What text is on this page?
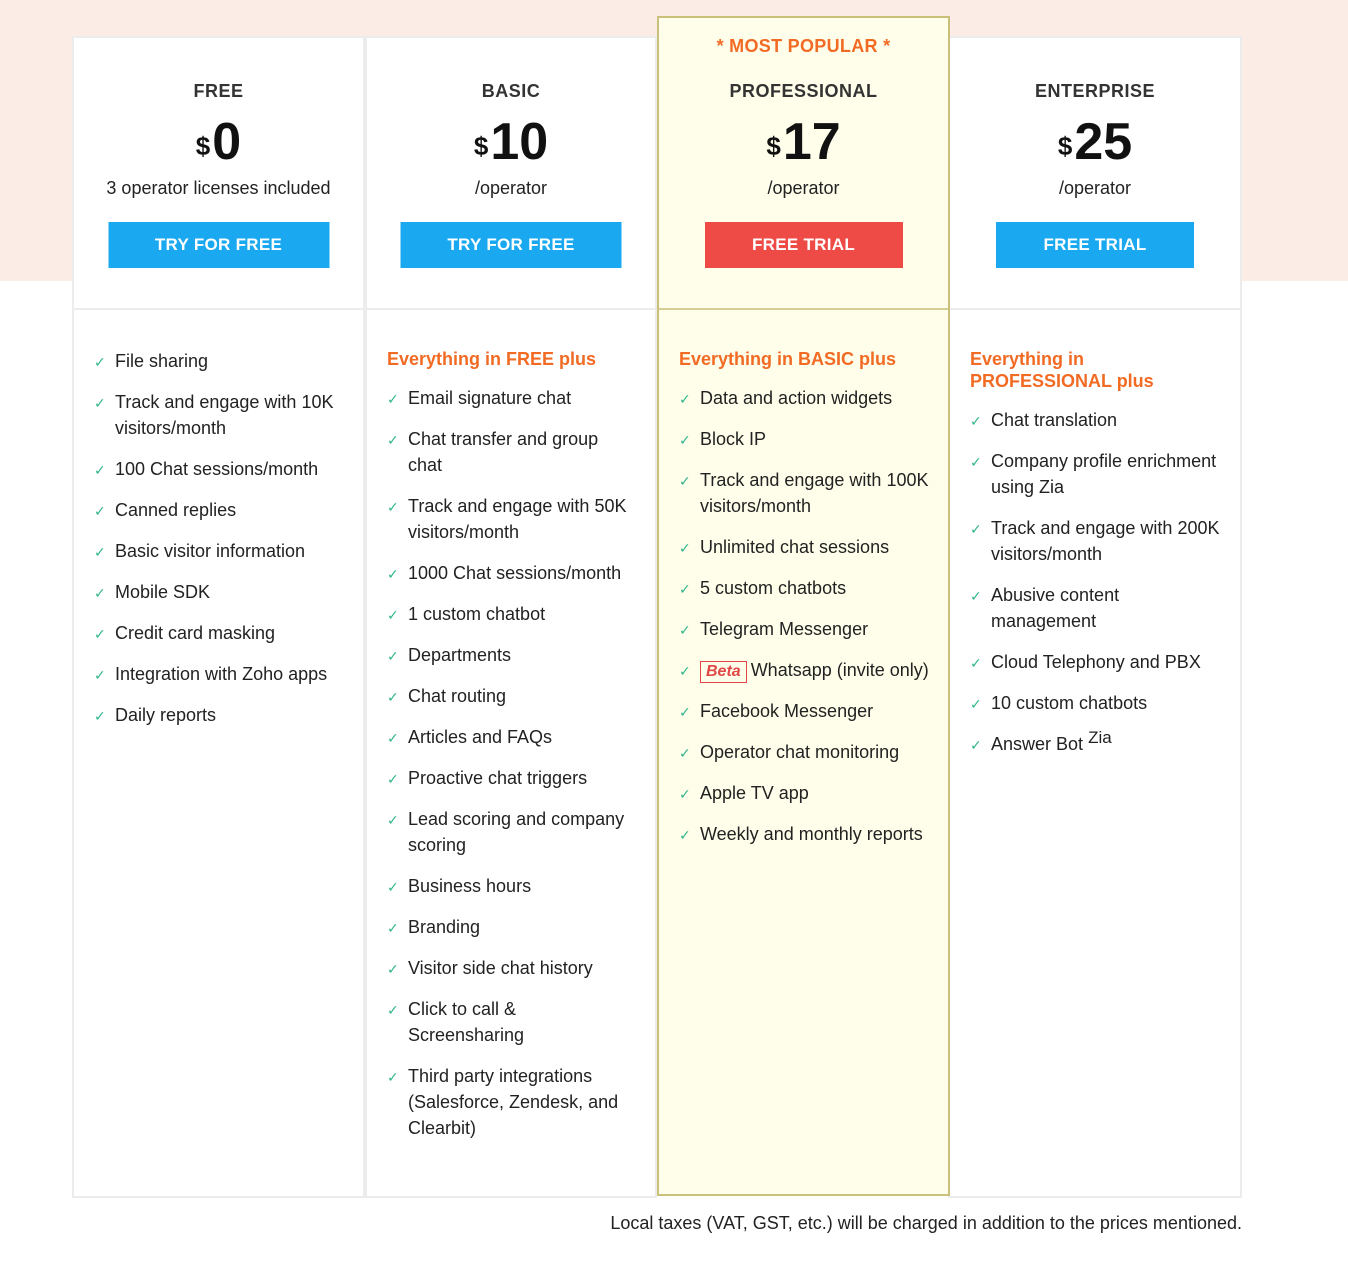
FREE
$0
3 operator licenses included
TRY FOR FREE
✓ File sharing
✓ Track and engage with 10K visitors/month
✓ 100 Chat sessions/month
✓ Canned replies
✓ Basic visitor information
✓ Mobile SDK
✓ Credit card masking
✓ Integration with Zoho apps
✓ Daily reports
BASIC
$10
/operator
TRY FOR FREE
Everything in FREE plus
✓ Email signature chat
✓ Chat transfer and group chat
✓ Track and engage with 50K visitors/month
✓ 1000 Chat sessions/month
✓ 1 custom chatbot
✓ Departments
✓ Chat routing
✓ Articles and FAQs
✓ Proactive chat triggers
✓ Lead scoring and company scoring
✓ Business hours
✓ Branding
✓ Visitor side chat history
✓ Click to call & Screensharing
✓ Third party integrations (Salesforce, Zendesk, and Clearbit)
* MOST POPULAR *
PROFESSIONAL
$17
/operator
FREE TRIAL
Everything in BASIC plus
✓ Data and action widgets
✓ Block IP
✓ Track and engage with 100K visitors/month
✓ Unlimited chat sessions
✓ 5 custom chatbots
✓ Telegram Messenger
✓ Beta Whatsapp (invite only)
✓ Facebook Messenger
✓ Operator chat monitoring
✓ Apple TV app
✓ Weekly and monthly reports
ENTERPRISE
$25
/operator
FREE TRIAL
Everything in PROFESSIONAL plus
✓ Chat translation
✓ Company profile enrichment using Zia
✓ Track and engage with 200K visitors/month
✓ Abusive content management
✓ Cloud Telephony and PBX
✓ 10 custom chatbots
✓ Answer Bot Zia
Local taxes (VAT, GST, etc.) will be charged in addition to the prices mentioned.
